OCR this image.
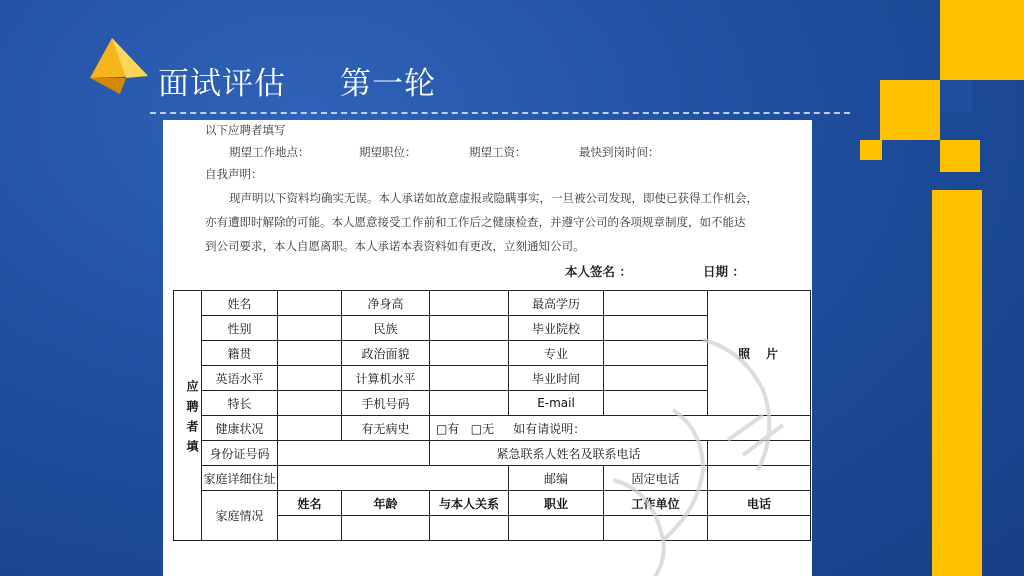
面试评估 第一轮
以下应聘者填写
期望工作地点：	期望职位：	期望工资：	最快到岗时间：
自我声明：
现声明以下资料均确实无误。本人承诺如故意虚报或隐瞒事实，一旦被公司发现，即使已获得工作机会，
亦有遭即时解除的可能。本人愿意接受工作前和工作后之健康检查，并遵守公司的各项规章制度，如不能达
到公司要求，本人自愿离职。本人承诺本表资料如有更改，立刻通知公司。
本人签名 ：	日期 ：
应聘者填	姓名		净身高		最高学历		照　片	
	性别		民族		毕业院校			
	籍贯		政治面貌		专业			
	英语水平		计算机水平		毕业时间			
	特长		手机号码		E-mail			
	健康状况		有无病史	□有 □无 如有请说明：				
	身份证号码			紧急联系人姓名及联系电话				
	家庭详细住址				邮编	固定电话		
	家庭情况	姓名	年龄	与本人关系	职业	工作单位	电话	
